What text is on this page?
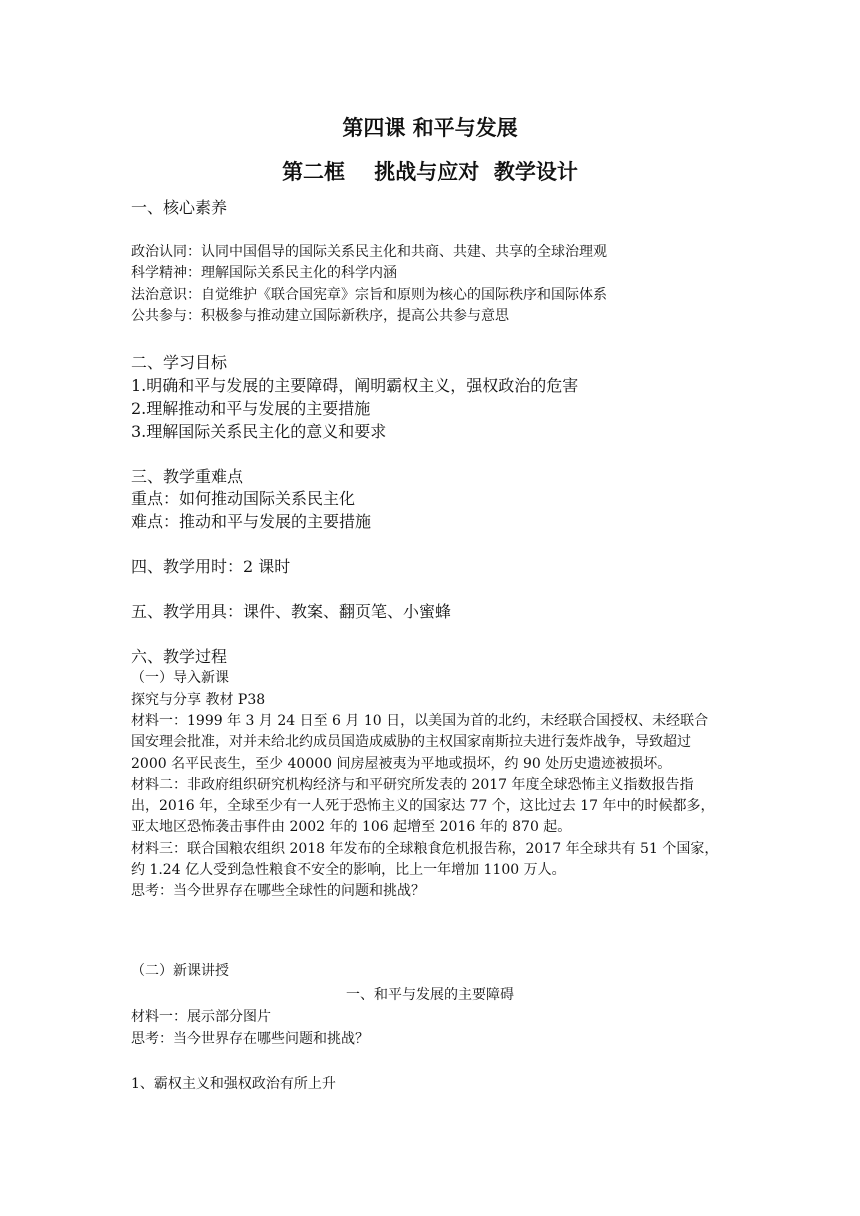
第四课 和平与发展
第二框    挑战与应对  教学设计
一、核心素养

政治认同：认同中国倡导的国际关系民主化和共商、共建、共享的全球治理观

科学精神：理解国际关系民主化的科学内涵

法治意识：自觉维护《联合国宪章》宗旨和原则为核心的国际秩序和国际体系

公共参与：积极参与推动建立国际新秩序，提高公共参与意思

二、学习目标
1.明确和平与发展的主要障碍，阐明霸权主义，强权政治的危害
2.理解推动和平与发展的主要措施
3.理解国际关系民主化的意义和要求
三、教学重难点
重点：如何推动国际关系民主化
难点：推动和平与发展的主要措施
四、教学用时：2 课时
五、教学用具：课件、教案、翻页笔、小蜜蜂
六、教学过程
（一）导入新课
探究与分享 教材 P38

材料一：1999 年 3 月 24 日至 6 月 10 日，以美国为首的北约，未经联合国授权、未经联合

国安理会批准，对并未给北约成员国造成威胁的主权国家南斯拉夫进行轰炸战争，导致超过

2000 名平民丧生，至少 40000 间房屋被夷为平地或损坏，约 90 处历史遗迹被损坏。

材料二：非政府组织研究机构经济与和平研究所发表的 2017 年度全球恐怖主义指数报告指

出，2016 年，全球至少有一人死于恐怖主义的国家达 77 个，这比过去 17 年中的时候都多，

亚太地区恐怖袭击事件由 2002 年的 106 起增至 2016 年的 870 起。

材料三：联合国粮农组织 2018 年发布的全球粮食危机报告称，2017 年全球共有 51 个国家，

约 1.24 亿人受到急性粮食不安全的影响，比上一年增加 1100 万人。

思考：当今世界存在哪些全球性的问题和挑战？

（二）新课讲授
一、和平与发展的主要障碍
材料一：展示部分图片
思考：当今世界存在哪些问题和挑战？
1、霸权主义和强权政治有所上升
